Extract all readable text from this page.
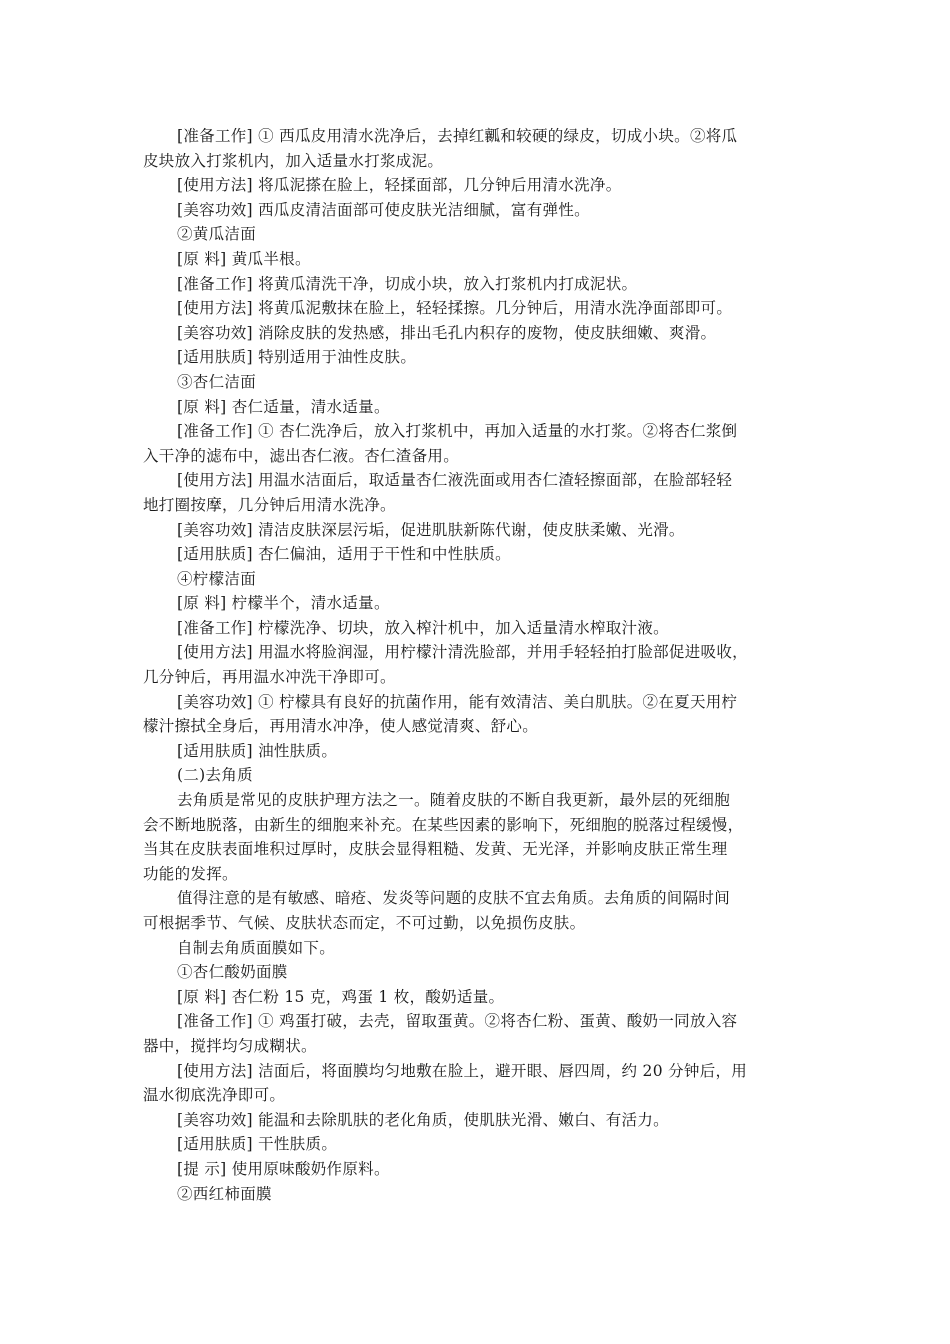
[准备工作] ① 西瓜皮用清水洗净后，去掉红瓤和较硬的绿皮，切成小块。②将瓜
皮块放入打浆机内，加入适量水打浆成泥。
[使用方法] 将瓜泥搽在脸上，轻揉面部，几分钟后用清水洗净。
[美容功效] 西瓜皮清洁面部可使皮肤光洁细腻，富有弹性。
②黄瓜洁面
[原 料] 黄瓜半根。
[准备工作] 将黄瓜清洗干净，切成小块，放入打浆机内打成泥状。
[使用方法] 将黄瓜泥敷抹在脸上，轻轻揉擦。几分钟后，用清水洗净面部即可。
[美容功效] 消除皮肤的发热感，排出毛孔内积存的废物，使皮肤细嫩、爽滑。
[适用肤质] 特别适用于油性皮肤。
③杏仁洁面
[原 料] 杏仁适量，清水适量。
[准备工作] ① 杏仁洗净后，放入打浆机中，再加入适量的水打浆。②将杏仁浆倒
入干净的滤布中，滤出杏仁液。杏仁渣备用。
[使用方法] 用温水洁面后，取适量杏仁液洗面或用杏仁渣轻擦面部，在脸部轻轻
地打圈按摩，几分钟后用清水洗净。
[美容功效] 清洁皮肤深层污垢，促进肌肤新陈代谢，使皮肤柔嫩、光滑。
[适用肤质] 杏仁偏油，适用于干性和中性肤质。
④柠檬洁面
[原 料] 柠檬半个，清水适量。
[准备工作] 柠檬洗净、切块，放入榨汁机中，加入适量清水榨取汁液。
[使用方法] 用温水将脸润湿，用柠檬汁清洗脸部，并用手轻轻拍打脸部促进吸收，
几分钟后，再用温水冲洗干净即可。
[美容功效] ① 柠檬具有良好的抗菌作用，能有效清洁、美白肌肤。②在夏天用柠
檬汁擦拭全身后，再用清水冲净，使人感觉清爽、舒心。
[适用肤质] 油性肤质。
(二)去角质
去角质是常见的皮肤护理方法之一。随着皮肤的不断自我更新，最外层的死细胞
会不断地脱落，由新生的细胞来补充。在某些因素的影响下，死细胞的脱落过程缓慢，
当其在皮肤表面堆积过厚时，皮肤会显得粗糙、发黄、无光泽，并影响皮肤正常生理
功能的发挥。
值得注意的是有敏感、暗疮、发炎等问题的皮肤不宜去角质。去角质的间隔时间
可根据季节、气候、皮肤状态而定，不可过勤，以免损伤皮肤。
自制去角质面膜如下。
①杏仁酸奶面膜
[原 料] 杏仁粉 15 克，鸡蛋 1 枚，酸奶适量。
[准备工作] ① 鸡蛋打破，去壳，留取蛋黄。②将杏仁粉、蛋黄、酸奶一同放入容
器中，搅拌均匀成糊状。
[使用方法] 洁面后，将面膜均匀地敷在脸上，避开眼、唇四周，约 20 分钟后，用
温水彻底洗净即可。
[美容功效] 能温和去除肌肤的老化角质，使肌肤光滑、嫩白、有活力。
[适用肤质] 干性肤质。
[提 示] 使用原味酸奶作原料。
②西红柿面膜
